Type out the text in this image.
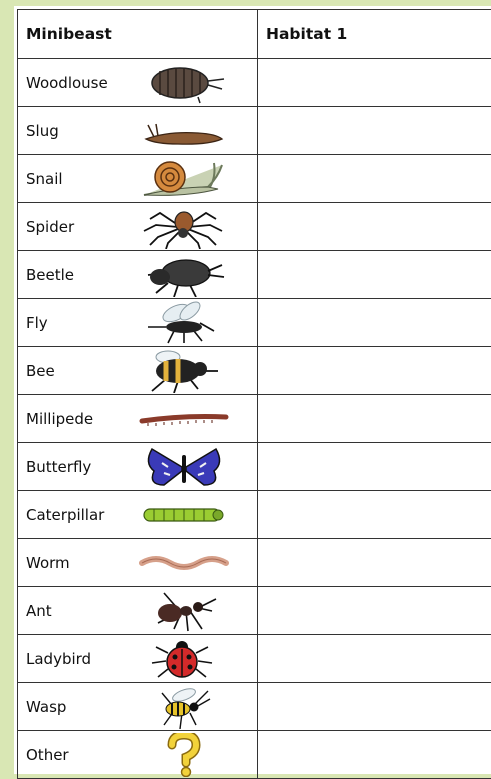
Minibeast	Habitat 1

Woodlouse	

Slug	

Snail	

Spider	

Beetle	

Fly	

Bee	

Millipede	

Butterfly	

Caterpillar	

Worm	

Ant	

Ladybird	

Wasp	

Other	
